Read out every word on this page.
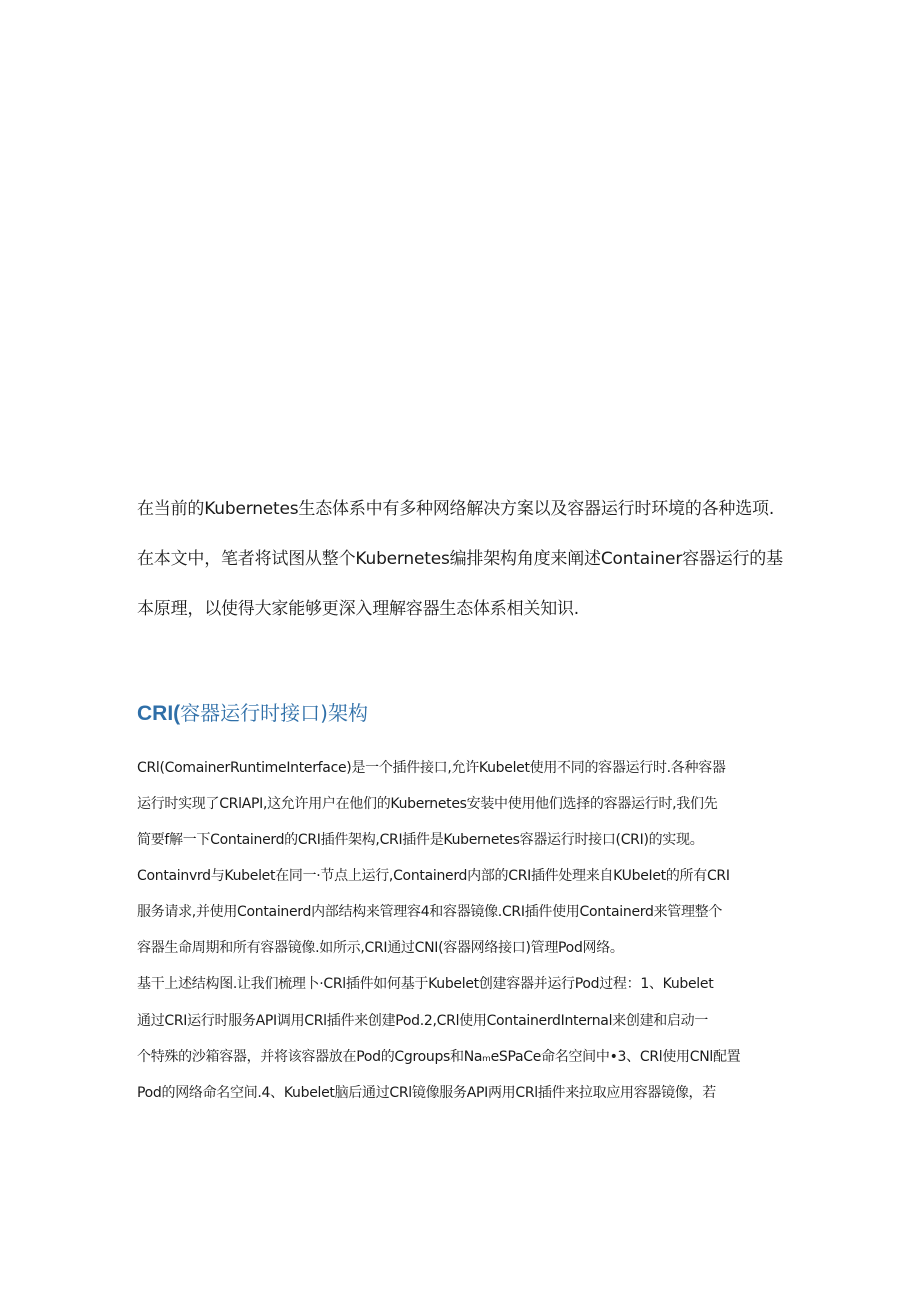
在当前的Kubernetes生态体系中有多种网络解决方案以及容器运行时环境的各种选项.
在本文中，笔者将试图从整个Kubernetes编排架构角度来阐述Container容器运行的基
本原理，以使得大家能够更深入理解容器生态体系相关知识.
CRI(容器运行时接口)架构
CRl(ComainerRuntimeInterface)是一个插件接口,允许Kubelet使用不同的容器运行时.各种容器
运行时实现了CRlAPI,这允许用户在他们的Kubernetes安装中使用他们选择的容器运行时,我们先
简要f解一下Containerd的CRI插件架构,CRI插件是Kubernetes容器运行时接口(CRI)的实现。
Containvrd与Kubelet在同一·节点上运行,Containerd内部的CRI插件处理来自KUbeIet的所有CRI
服务请求,并使用Containerd内部结构来管理容4和容器镜像.CRI插件使用Containerd来管理整个
容器生命周期和所有容器镜像.如所示,CRI通过CNI(容器网络接口)管理Pod网络。
基干上述结构图.让我们梳理卜·CRl插件如何基于Kubelet创建容器并运行Pod过程：1、Kubelet
通过CRI运行时服务API调用CRl插件来创建Pod.2,CRl使用ContainerdInternal来创建和启动一
个特殊的沙箱容器，并将该容器放在Pod的Cgroups和NaₘeSPaCe命名空间中•3、CRl使用CNl配置
Pod的网络命名空间.4、Kubelet脑后通过CRl镜像服务API两用CRl插件来拉取应用容器镜像，若
